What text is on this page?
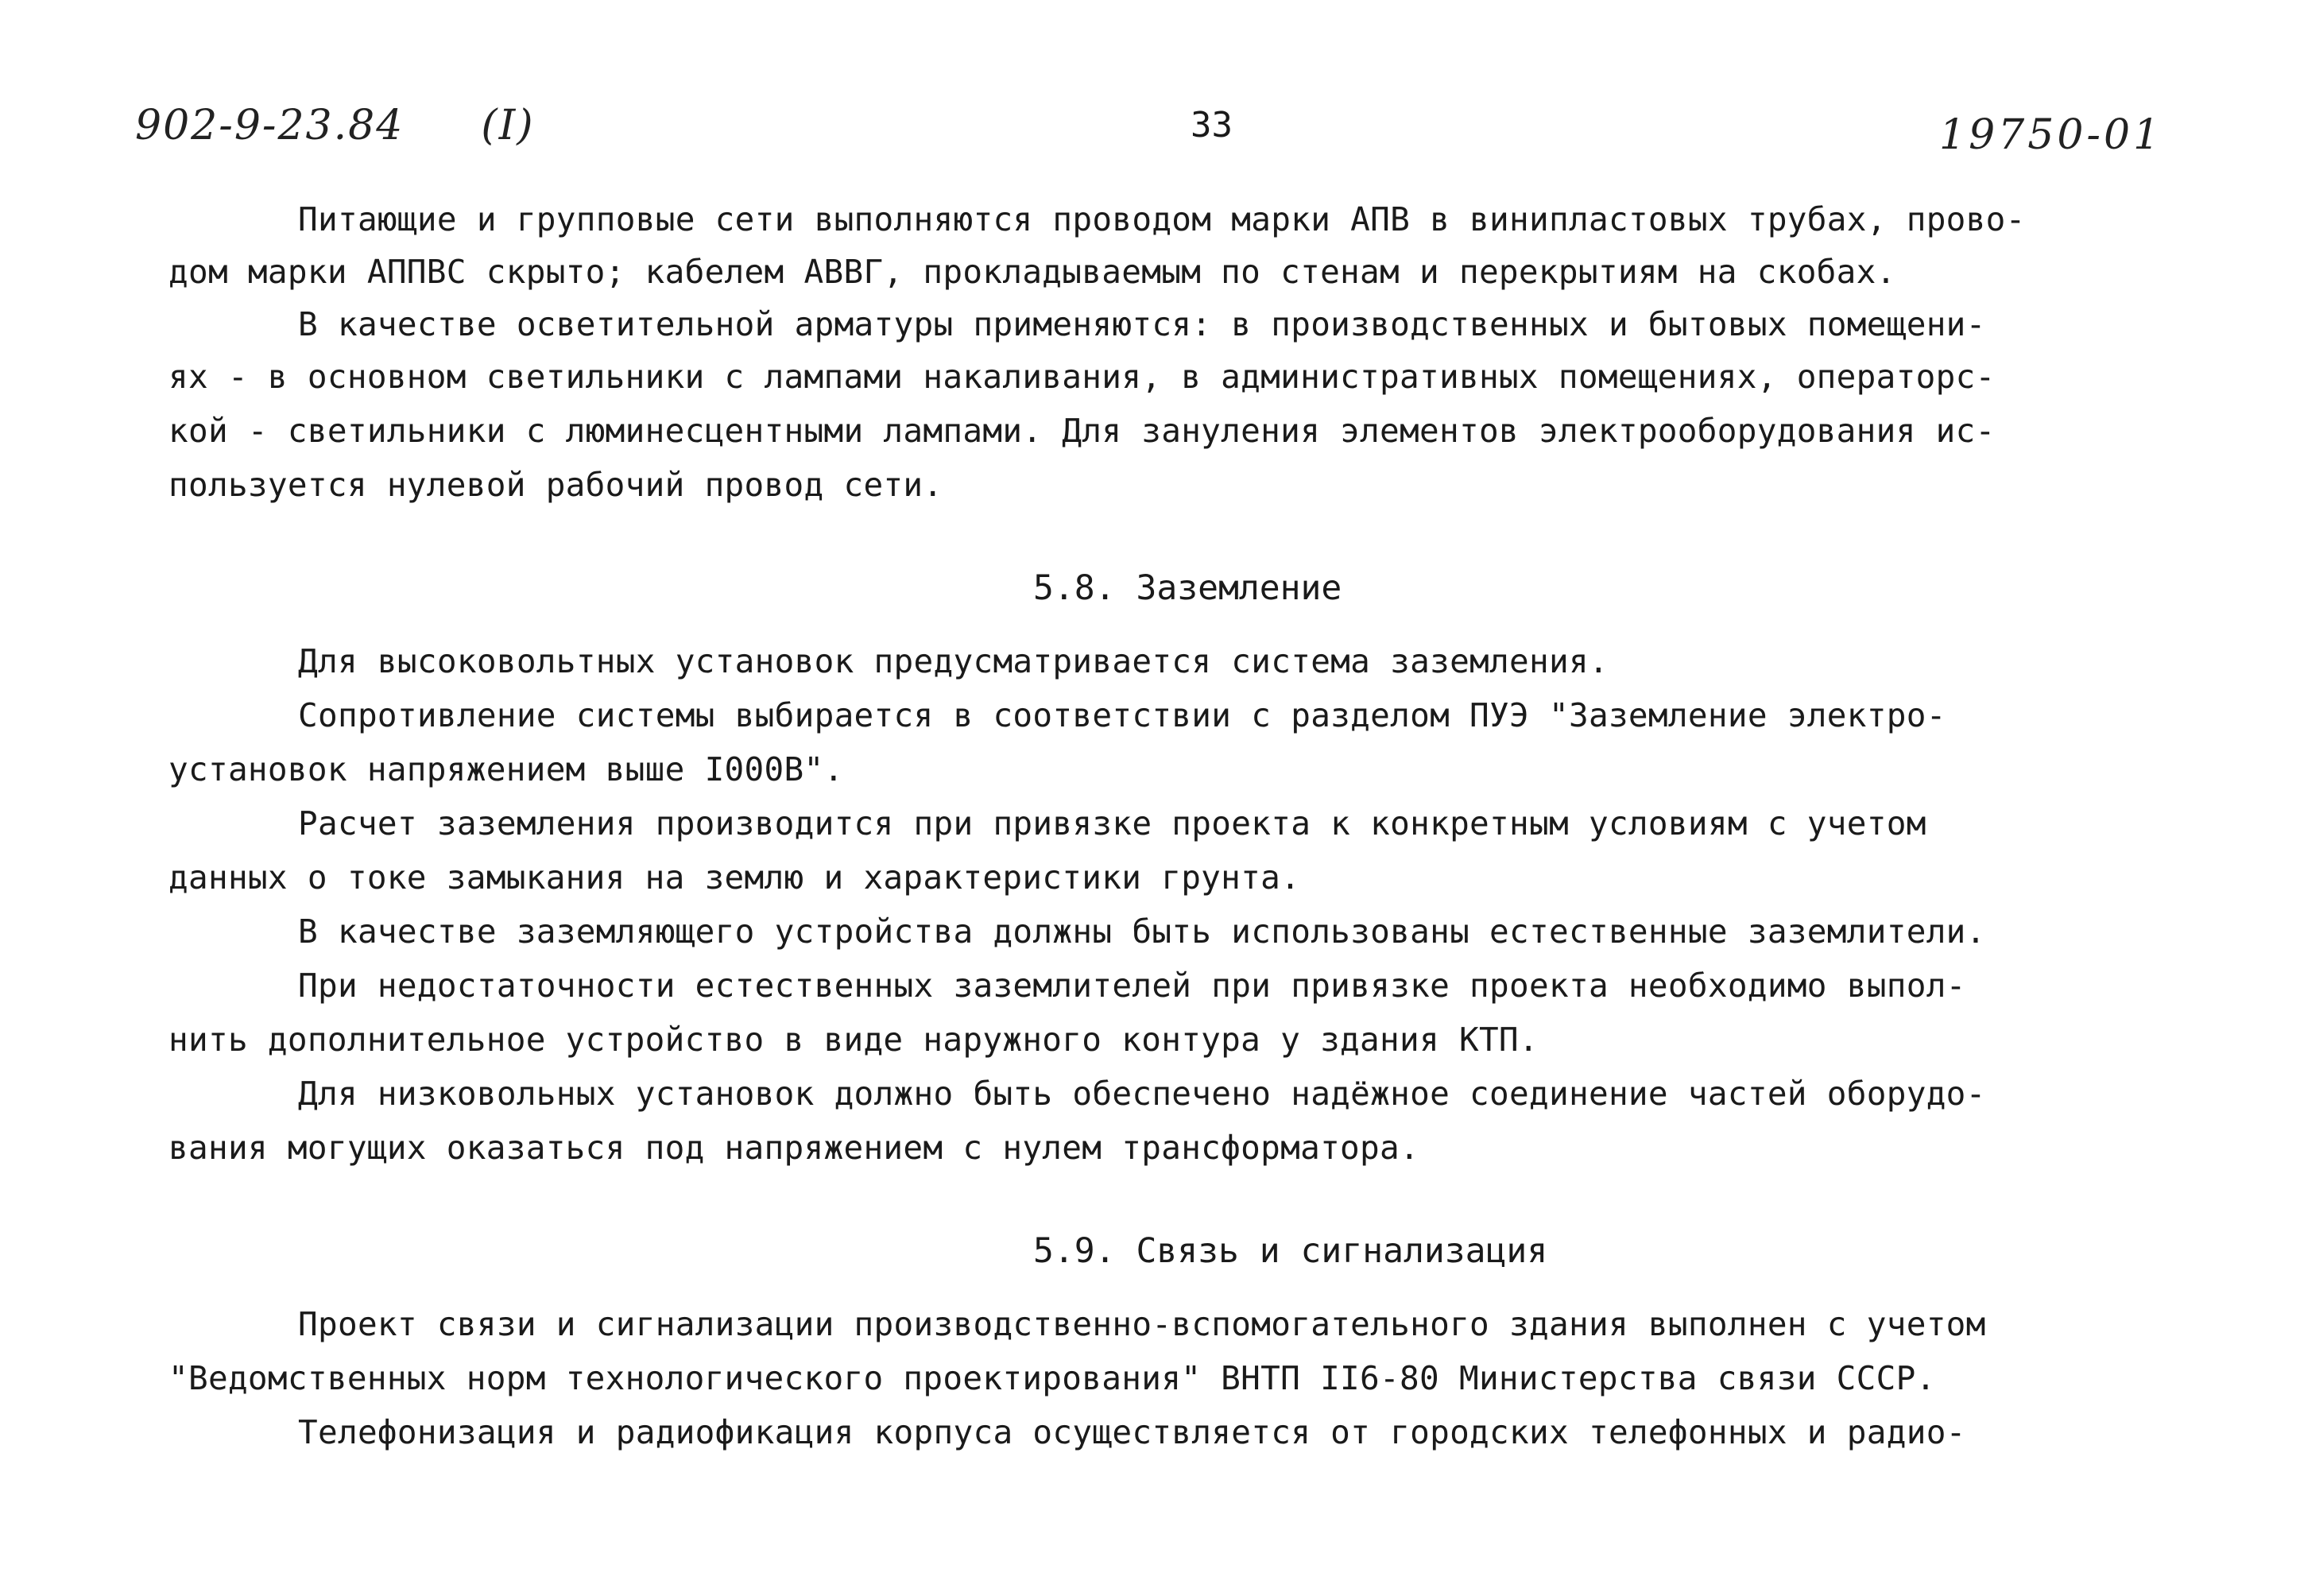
902-9-23.84 (I)	33	19750-01
Питающие и групповые сети выполняются проводом марки АПВ в винипластовых трубах, прово-
дом марки АППВС скрыто; кабелем АВВГ, прокладываемым по стенам и перекрытиям на скобах.
В качестве осветительной арматуры применяются: в производственных и бытовых помещени-
ях - в основном светильники с лампами накаливания, в административных помещениях, операторс-
кой - светильники с люминесцентными лампами. Для зануления элементов электрооборудования ис-
пользуется нулевой рабочий провод сети.
5.8. Заземление
Для высоковольтных установок предусматривается система заземления.
Сопротивление системы выбирается в соответствии с разделом ПУЭ "Заземление электро-
установок напряжением выше I000В".
Расчет заземления производится при привязке проекта к конкретным условиям с учетом
данных о токе замыкания на землю и характеристики грунта.
В качестве заземляющего устройства должны быть использованы естественные заземлители.
При недостаточности естественных заземлителей при привязке проекта необходимо выпол-
нить дополнительное устройство в виде наружного контура у здания КТП.
Для низковольных установок должно быть обеспечено надёжное соединение частей оборудо-
вания могущих оказаться под напряжением с нулем трансформатора.
5.9. Связь и сигнализация
Проект связи и сигнализации производственно-вспомогательного здания выполнен с учетом
"Ведомственных норм технологического проектирования" ВНТП II6-80 Министерства связи СССР.
Телефонизация и радиофикация корпуса осуществляется от городских телефонных и радио-
